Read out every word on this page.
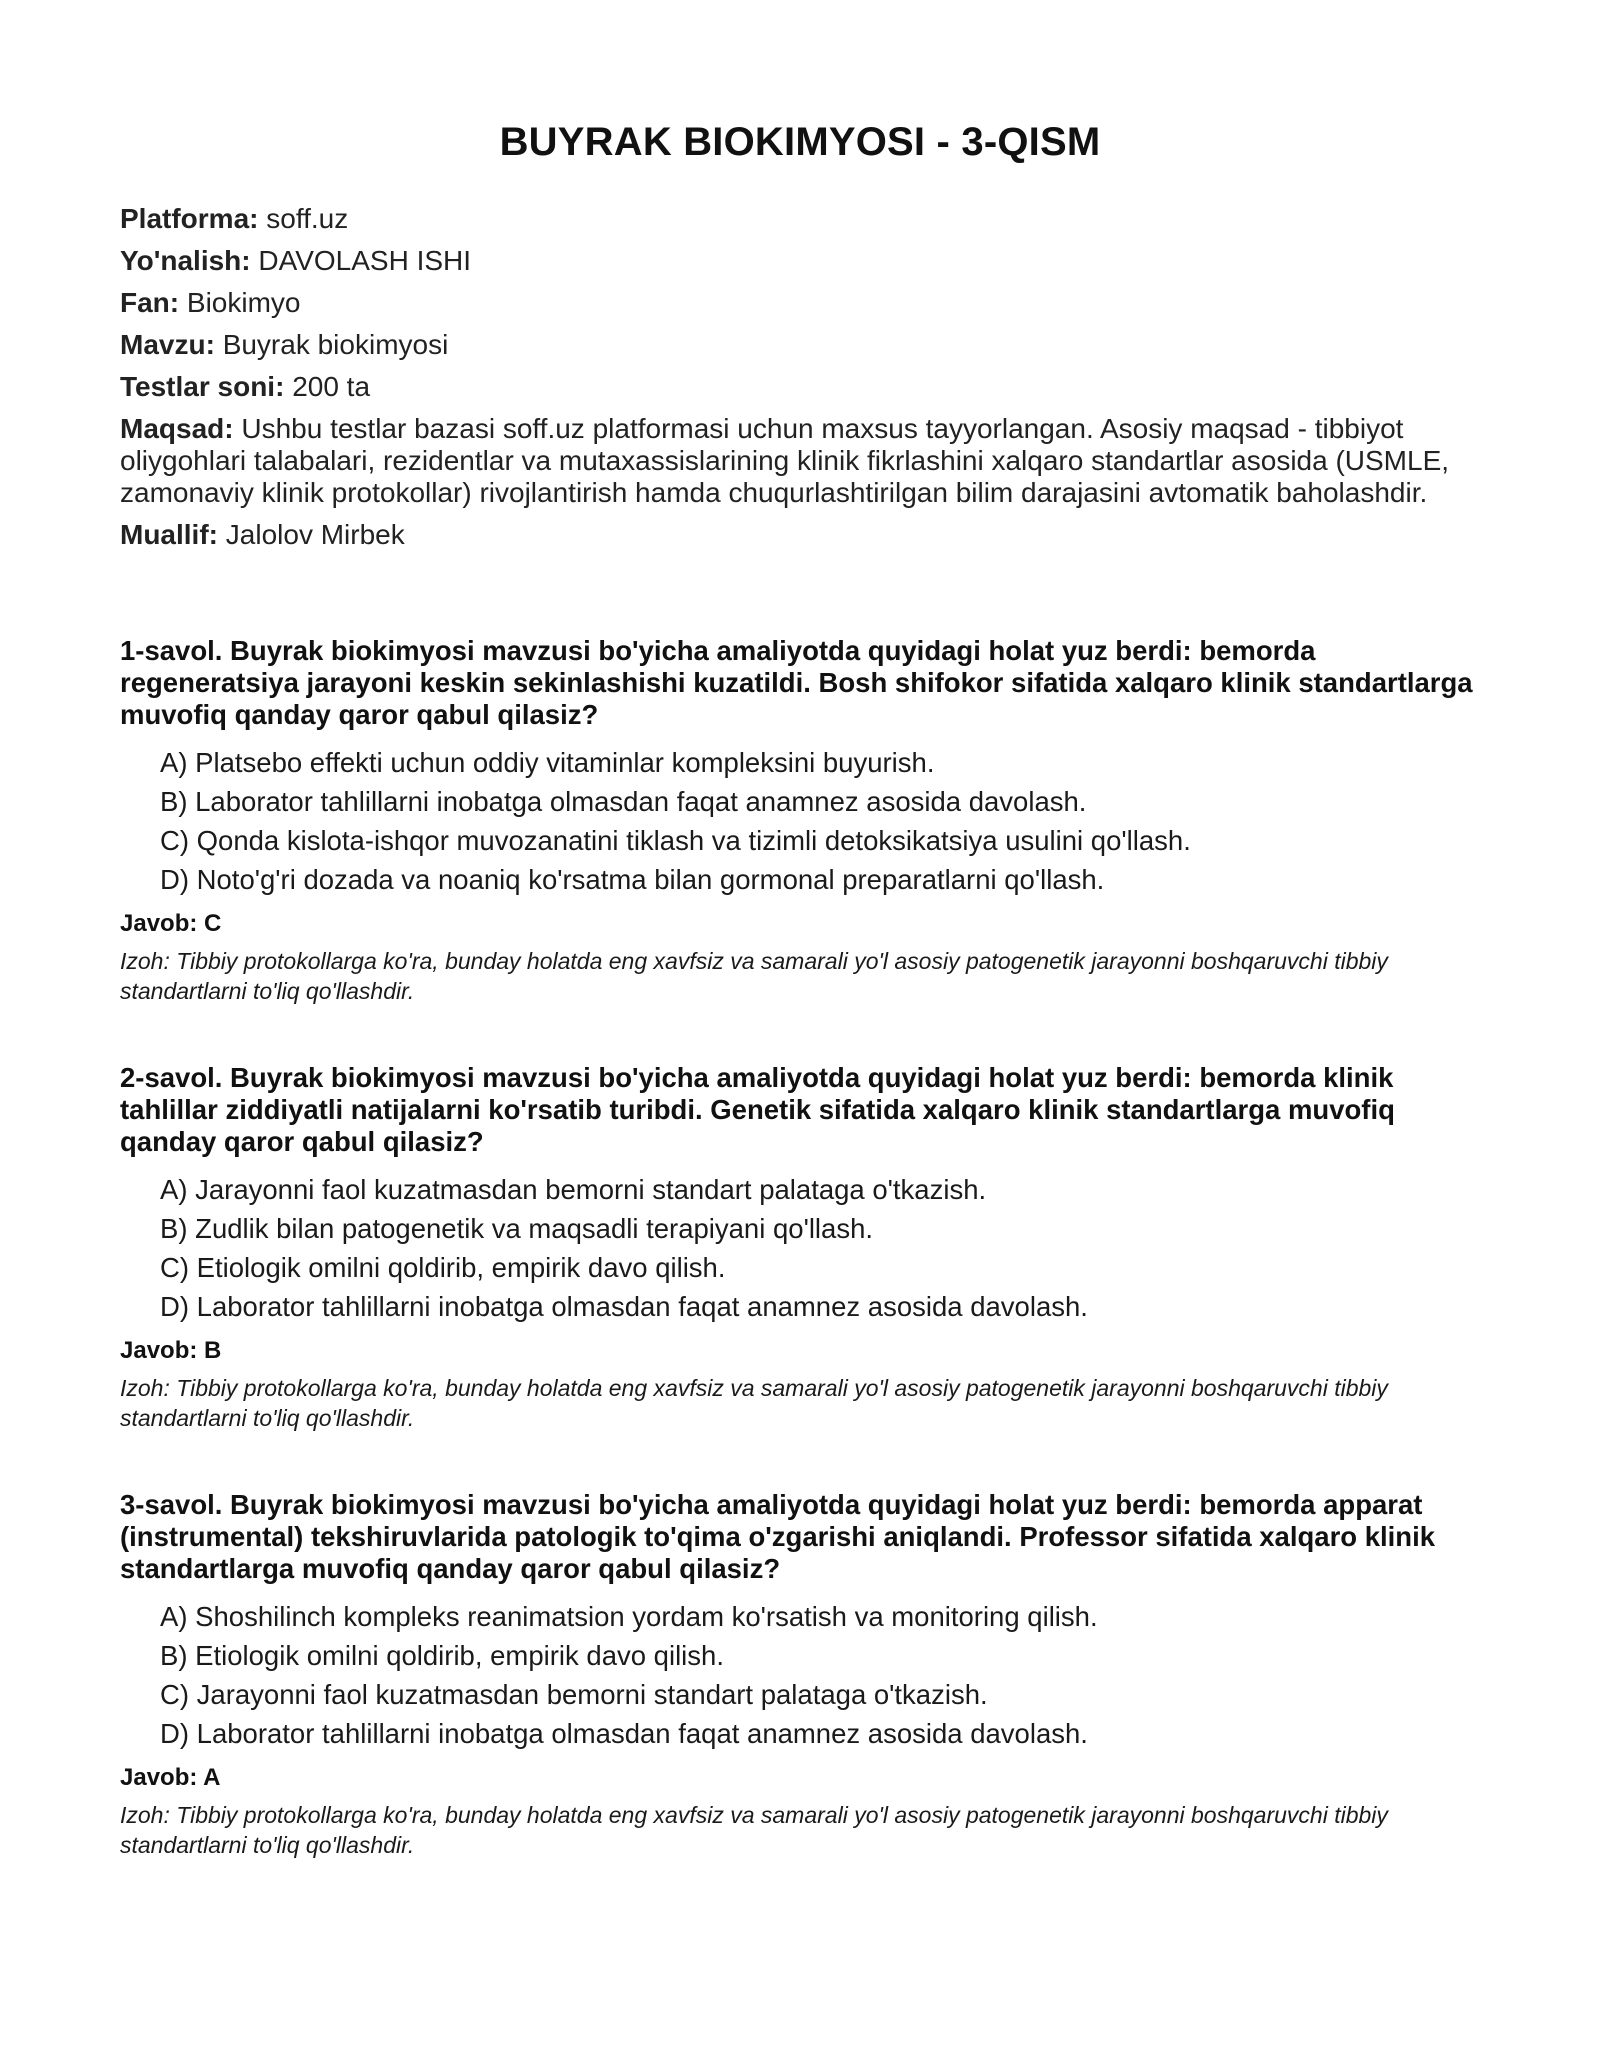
BUYRAK BIOKIMYOSI - 3-QISM

Platforma: soff.uz

Yo'nalish: DAVOLASH ISHI

Fan: Biokimyo

Mavzu: Buyrak biokimyosi

Testlar soni: 200 ta

Maqsad: Ushbu testlar bazasi soff.uz platformasi uchun maxsus tayyorlangan. Asosiy maqsad - tibbiyot oliygohlari talabalari, rezidentlar va mutaxassislarining klinik fikrlashini xalqaro standartlar asosida (USMLE, zamonaviy klinik protokollar) rivojlantirish hamda chuqurlashtirilgan bilim darajasini avtomatik baholashdir.

Muallif: Jalolov Mirbek

1-savol. Buyrak biokimyosi mavzusi bo'yicha amaliyotda quyidagi holat yuz berdi: bemorda regeneratsiya jarayoni keskin sekinlashishi kuzatildi. Bosh shifokor sifatida xalqaro klinik standartlarga muvofiq qanday qaror qabul qilasiz?

A) Platsebo effekti uchun oddiy vitaminlar kompleksini buyurish.

B) Laborator tahlillarni inobatga olmasdan faqat anamnez asosida davolash.

C) Qonda kislota-ishqor muvozanatini tiklash va tizimli detoksikatsiya usulini qo'llash.

D) Noto'g'ri dozada va noaniq ko'rsatma bilan gormonal preparatlarni qo'llash.

Javob: C

Izoh: Tibbiy protokollarga ko'ra, bunday holatda eng xavfsiz va samarali yo'l asosiy patogenetik jarayonni boshqaruvchi tibbiy standartlarni to'liq qo'llashdir.

2-savol. Buyrak biokimyosi mavzusi bo'yicha amaliyotda quyidagi holat yuz berdi: bemorda klinik tahlillar ziddiyatli natijalarni ko'rsatib turibdi. Genetik sifatida xalqaro klinik standartlarga muvofiq qanday qaror qabul qilasiz?

A) Jarayonni faol kuzatmasdan bemorni standart palataga o'tkazish.

B) Zudlik bilan patogenetik va maqsadli terapiyani qo'llash.

C) Etiologik omilni qoldirib, empirik davo qilish.

D) Laborator tahlillarni inobatga olmasdan faqat anamnez asosida davolash.

Javob: B

Izoh: Tibbiy protokollarga ko'ra, bunday holatda eng xavfsiz va samarali yo'l asosiy patogenetik jarayonni boshqaruvchi tibbiy standartlarni to'liq qo'llashdir.

3-savol. Buyrak biokimyosi mavzusi bo'yicha amaliyotda quyidagi holat yuz berdi: bemorda apparat (instrumental) tekshiruvlarida patologik to'qima o'zgarishi aniqlandi. Professor sifatida xalqaro klinik standartlarga muvofiq qanday qaror qabul qilasiz?

A) Shoshilinch kompleks reanimatsion yordam ko'rsatish va monitoring qilish.

B) Etiologik omilni qoldirib, empirik davo qilish.

C) Jarayonni faol kuzatmasdan bemorni standart palataga o'tkazish.

D) Laborator tahlillarni inobatga olmasdan faqat anamnez asosida davolash.

Javob: A

Izoh: Tibbiy protokollarga ko'ra, bunday holatda eng xavfsiz va samarali yo'l asosiy patogenetik jarayonni boshqaruvchi tibbiy standartlarni to'liq qo'llashdir.
